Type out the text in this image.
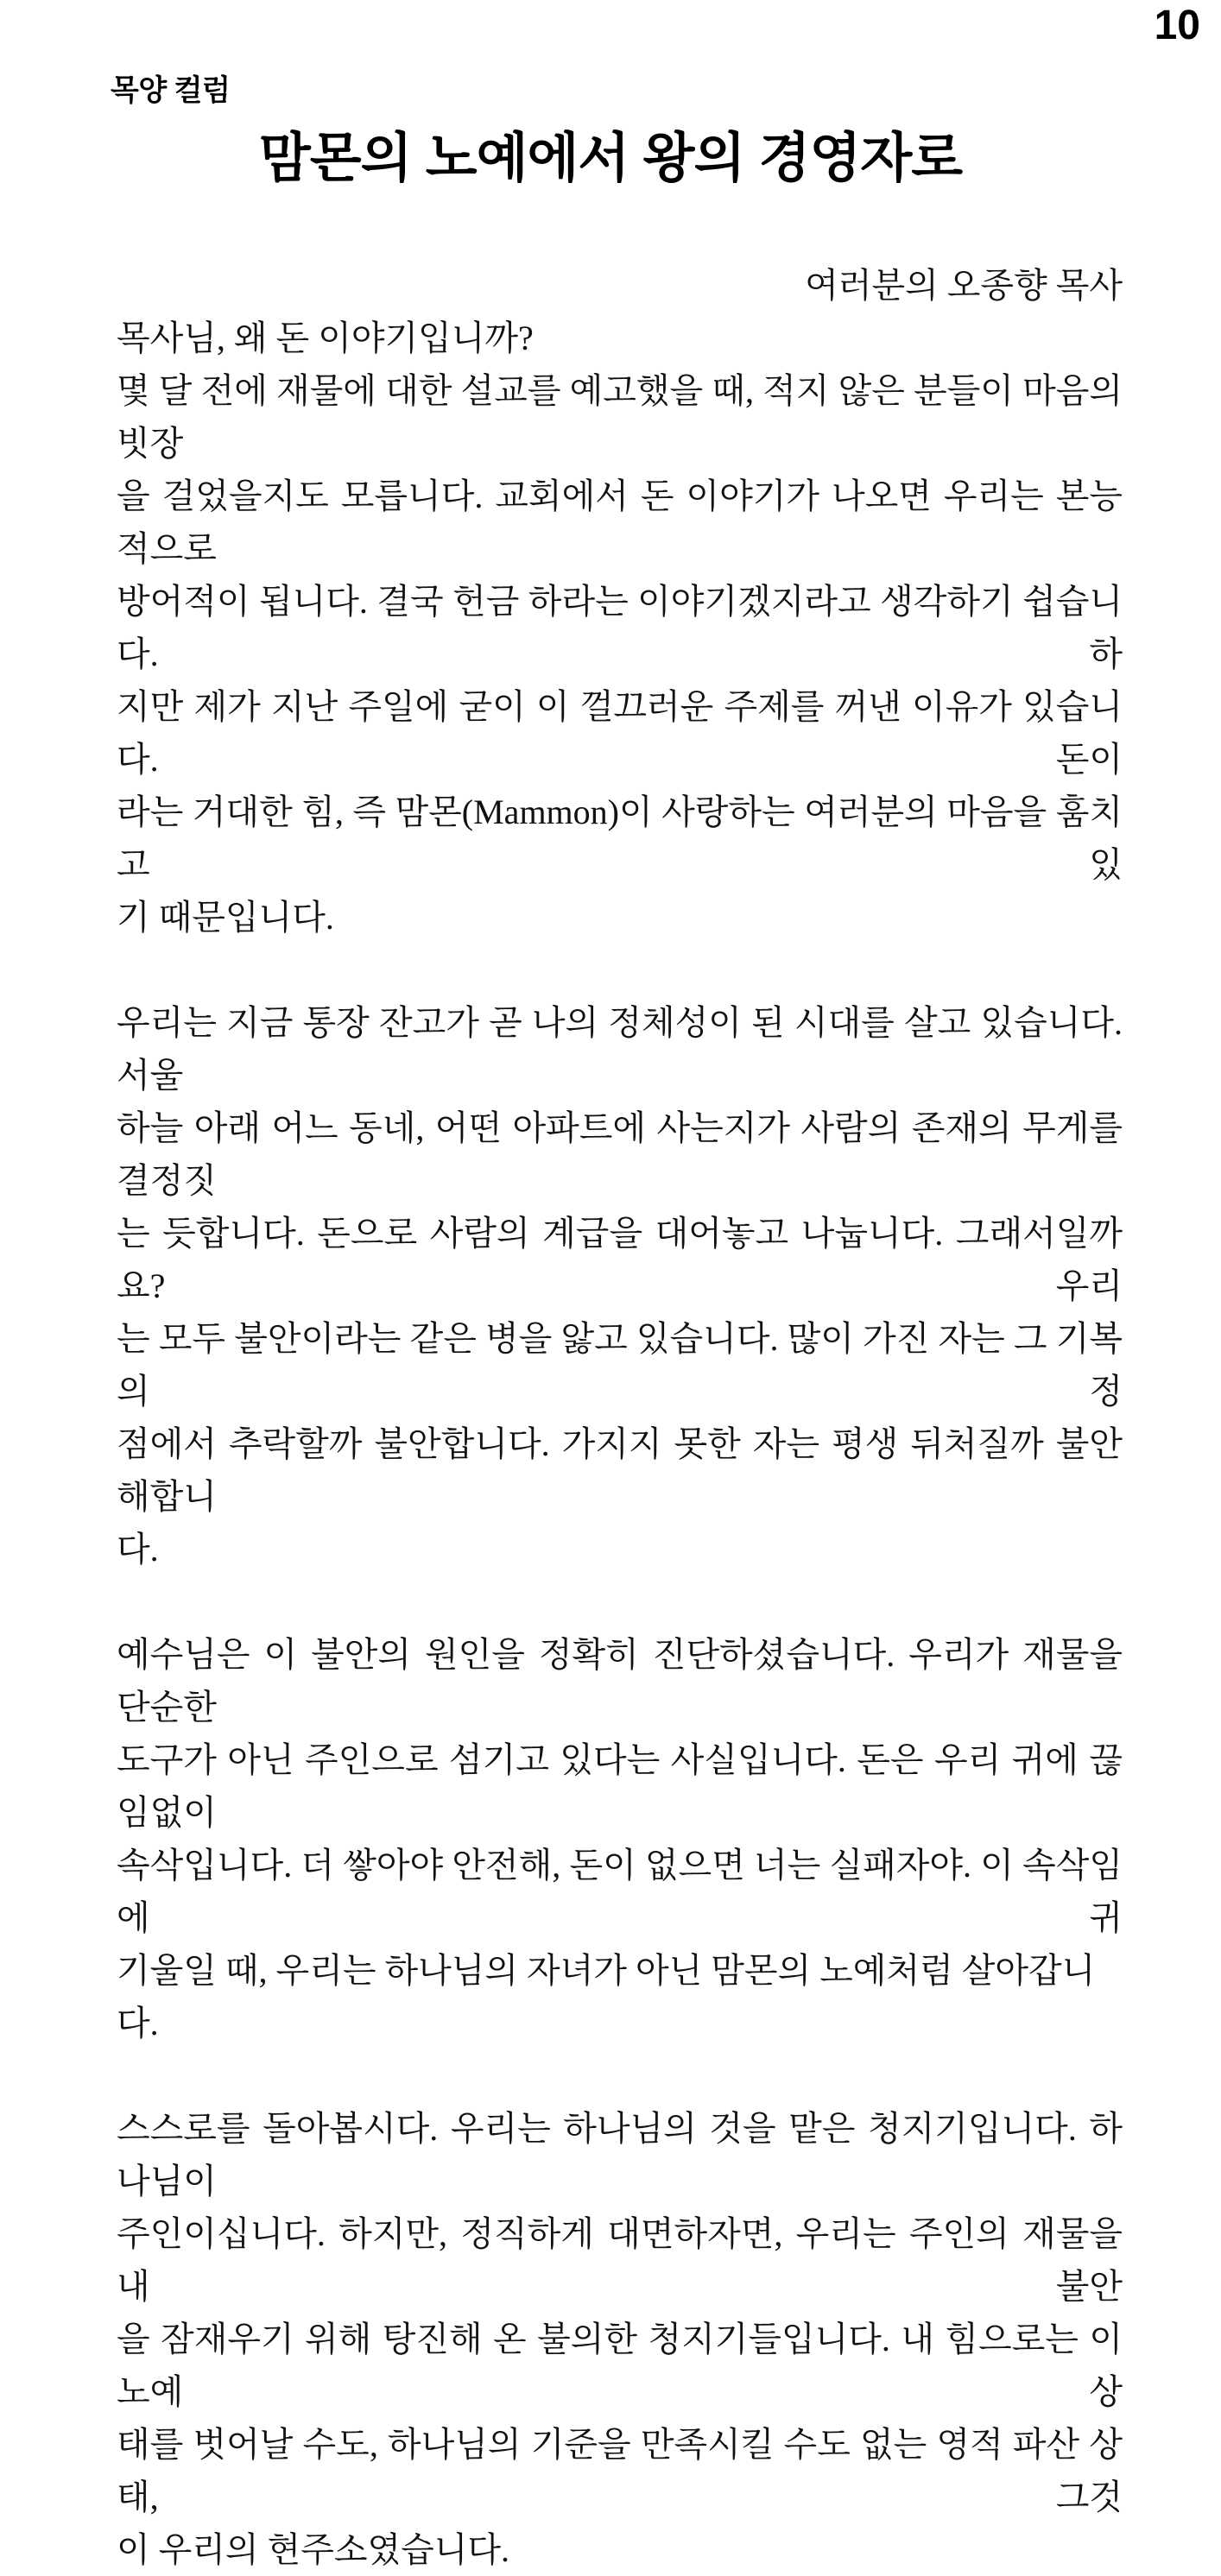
10
목양 컬럼
맘몬의 노예에서 왕의 경영자로
여러분의 오종향 목사
목사님, 왜 돈 이야기입니까?
몇 달 전에 재물에 대한 설교를 예고했을 때, 적지 않은 분들이 마음의 빗장
을 걸었을지도 모릅니다. 교회에서 돈 이야기가 나오면 우리는 본능적으로
방어적이 됩니다. 결국 헌금 하라는 이야기겠지라고 생각하기 쉽습니다. 하
지만 제가 지난 주일에 굳이 이 껄끄러운 주제를 꺼낸 이유가 있습니다. 돈이
라는 거대한 힘, 즉 맘몬(Mammon)이 사랑하는 여러분의 마음을 훔치고 있
기 때문입니다.
우리는 지금 통장 잔고가 곧 나의 정체성이 된 시대를 살고 있습니다. 서울
하늘 아래 어느 동네, 어떤 아파트에 사는지가 사람의 존재의 무게를 결정짓
는 듯합니다. 돈으로 사람의 계급을 대어놓고 나눕니다. 그래서일까요? 우리
는 모두 불안이라는 같은 병을 앓고 있습니다. 많이 가진 자는 그 기복의 정
점에서 추락할까 불안합니다. 가지지 못한 자는 평생 뒤처질까 불안해합니
다.
예수님은 이 불안의 원인을 정확히 진단하셨습니다. 우리가 재물을 단순한
도구가 아닌 주인으로 섬기고 있다는 사실입니다. 돈은 우리 귀에 끊임없이
속삭입니다. 더 쌓아야 안전해, 돈이 없으면 너는 실패자야. 이 속삭임에 귀
기울일 때, 우리는 하나님의 자녀가 아닌 맘몬의 노예처럼 살아갑니다.
스스로를 돌아봅시다. 우리는 하나님의 것을 맡은 청지기입니다. 하나님이
주인이십니다. 하지만, 정직하게 대면하자면, 우리는 주인의 재물을 내 불안
을 잠재우기 위해 탕진해 온 불의한 청지기들입니다. 내 힘으로는 이 노예 상
태를 벗어날 수도, 하나님의 기준을 만족시킬 수도 없는 영적 파산 상태, 그것
이 우리의 현주소였습니다.
